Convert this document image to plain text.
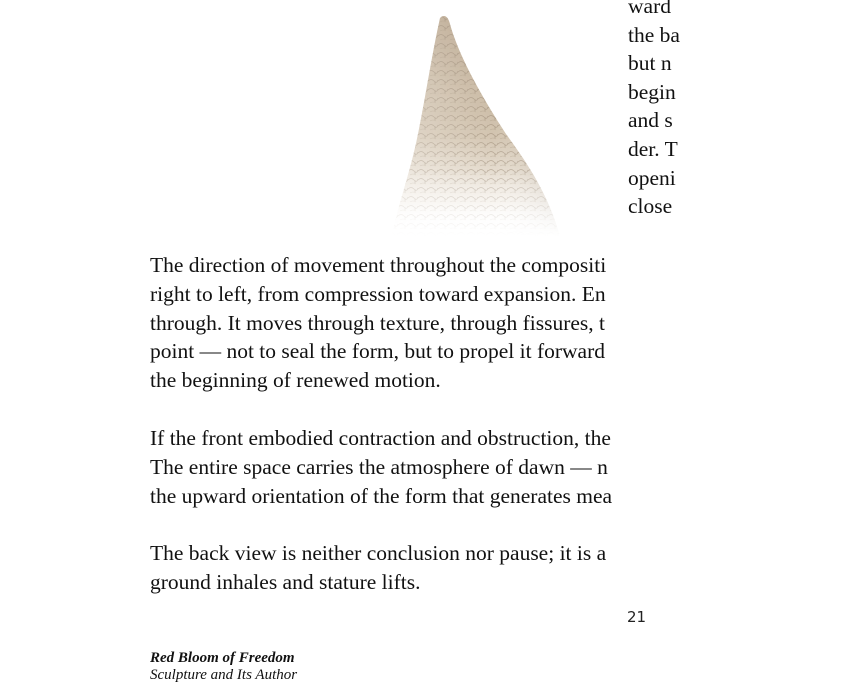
ward
the ba
but n
begin
and s
der. T
openi
close
The direction of movement throughout the compositi
right to left, from compression toward expansion. En
through. It moves through texture, through fissures, t
point — not to seal the form, but to propel it forward
the beginning of renewed motion.
If the front embodied contraction and obstruction, the
The entire space carries the atmosphere of dawn — n
the upward orientation of the form that generates mea
The back view is neither conclusion nor pause; it is a
ground inhales and stature lifts.
21
Red Bloom of Freedom
Sculpture and Its Author
